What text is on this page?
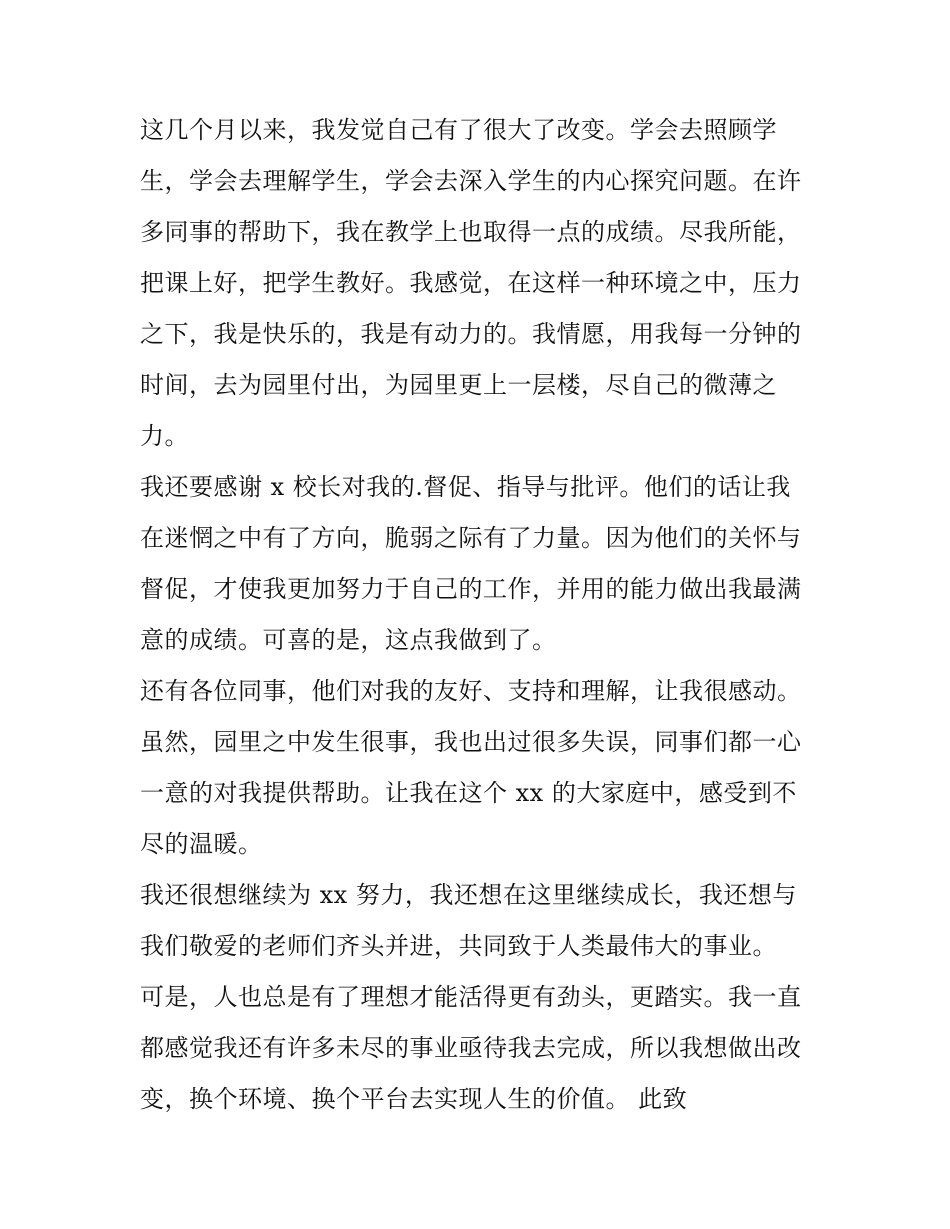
这几个月以来，我发觉自己有了很大了改变。学会去照顾学
生，学会去理解学生，学会去深入学生的内心探究问题。在许
多同事的帮助下，我在教学上也取得一点的成绩。尽我所能，
把课上好，把学生教好。我感觉，在这样一种环境之中，压力
之下，我是快乐的，我是有动力的。我情愿，用我每一分钟的
时间，去为园里付出，为园里更上一层楼，尽自己的微薄之
力。
我还要感谢 x 校长对我的.督促、指导与批评。他们的话让我
在迷惘之中有了方向，脆弱之际有了力量。因为他们的关怀与
督促，才使我更加努力于自己的工作，并用的能力做出我最满
意的成绩。可喜的是，这点我做到了。
还有各位同事，他们对我的友好、支持和理解，让我很感动。
虽然，园里之中发生很事，我也出过很多失误，同事们都一心
一意的对我提供帮助。让我在这个 xx 的大家庭中，感受到不
尽的温暖。
我还很想继续为 xx 努力，我还想在这里继续成长，我还想与
我们敬爱的老师们齐头并进，共同致于人类最伟大的事业。
可是，人也总是有了理想才能活得更有劲头，更踏实。我一直
都感觉我还有许多未尽的事业亟待我去完成，所以我想做出改
变，换个环境、换个平台去实现人生的价值。 此致
